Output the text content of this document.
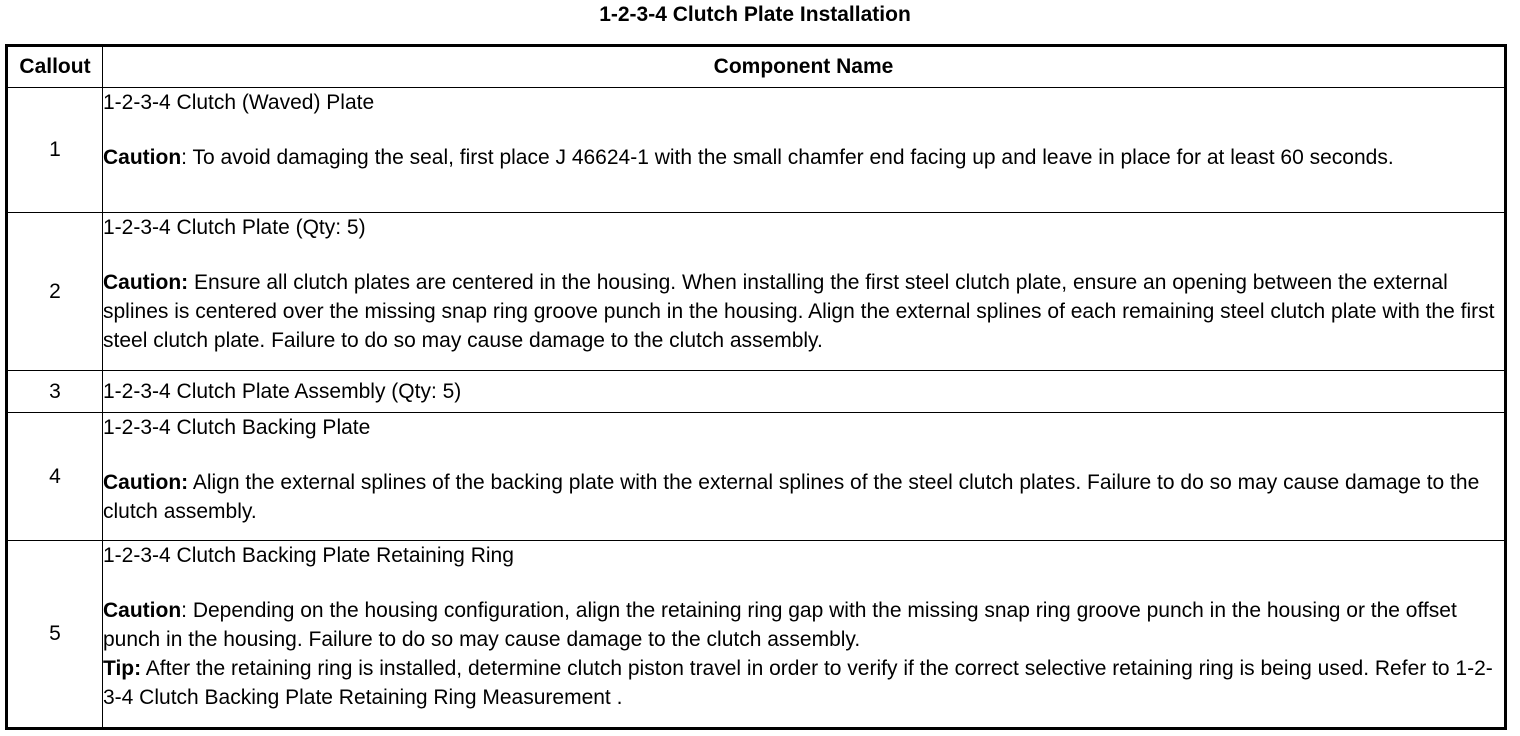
1-2-3-4 Clutch Plate Installation
Callout	Component Name
1	1-2-3-4 Clutch (Waved) Plate
Caution: To avoid damaging the seal, first place J 46624-1 with the small chamfer end facing up and leave in place for at least 60 seconds.

2	1-2-3-4 Clutch Plate (Qty: 5)
Caution: Ensure all clutch plates are centered in the housing. When installing the first steel clutch plate, ensure an opening between the external splines is centered over the missing snap ring groove punch in the housing. Align the external splines of each remaining steel clutch plate with the first steel clutch plate. Failure to do so may cause damage to the clutch assembly.

3	1-2-3-4 Clutch Plate Assembly (Qty: 5)

4	1-2-3-4 Clutch Backing Plate
Caution: Align the external splines of the backing plate with the external splines of the steel clutch plates. Failure to do so may cause damage to the clutch assembly.

5	1-2-3-4 Clutch Backing Plate Retaining Ring
Caution: Depending on the housing configuration, align the retaining ring gap with the missing snap ring groove punch in the housing or the offset punch in the housing. Failure to do so may cause damage to the clutch assembly.
Tip: After the retaining ring is installed, determine clutch piston travel in order to verify if the correct selective retaining ring is being used. Refer to 1-2-3-4 Clutch Backing Plate Retaining Ring Measurement .
